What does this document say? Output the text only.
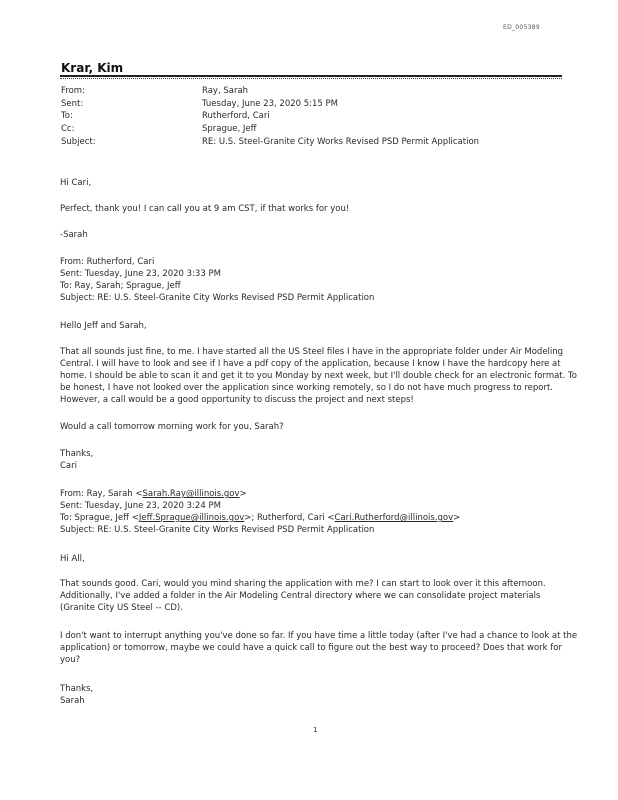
ED_005389
Krar, Kim
From:	Ray, Sarah
Sent:	Tuesday, June 23, 2020 5:15 PM
To:	Rutherford, Cari
Cc:	Sprague, Jeff
Subject:	RE: U.S. Steel-Granite City Works Revised PSD Permit Application
Hi Cari,
Perfect, thank you! I can call you at 9 am CST, if that works for you!
-Sarah
From: Rutherford, Cari
Sent: Tuesday, June 23, 2020 3:33 PM
To: Ray, Sarah; Sprague, Jeff
Subject: RE: U.S. Steel-Granite City Works Revised PSD Permit Application
Hello Jeff and Sarah,
That all sounds just fine, to me. I have started all the US Steel files I have in the appropriate folder under Air Modeling
Central. I will have to look and see if I have a pdf copy of the application, because I know I have the hardcopy here at
home. I should be able to scan it and get it to you Monday by next week, but I'll double check for an electronic format. To
be honest, I have not looked over the application since working remotely, so I do not have much progress to report.
However, a call would be a good opportunity to discuss the project and next steps!
Would a call tomorrow morning work for you, Sarah?
Thanks,
Cari
From: Ray, Sarah <Sarah.Ray@illinois.gov>
Sent: Tuesday, June 23, 2020 3:24 PM
To: Sprague, Jeff <Jeff.Sprague@illinois.gov>; Rutherford, Cari <Cari.Rutherford@illinois.gov>
Subject: RE: U.S. Steel-Granite City Works Revised PSD Permit Application
Hi All,
That sounds good. Cari, would you mind sharing the application with me? I can start to look over it this afternoon.
Additionally, I've added a folder in the Air Modeling Central directory where we can consolidate project materials
(Granite City US Steel -- CD).
I don't want to interrupt anything you've done so far. If you have time a little today (after I've had a chance to look at the
application) or tomorrow, maybe we could have a quick call to figure out the best way to proceed? Does that work for
you?
Thanks,
Sarah
1
